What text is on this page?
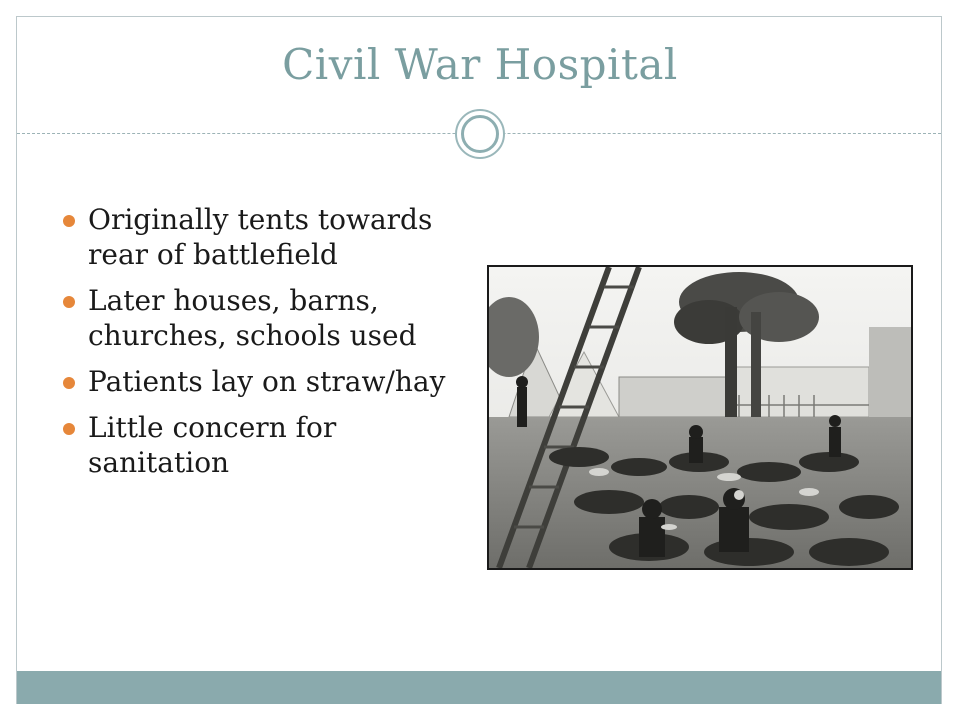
Civil War Hospital
Originally tents towards rear of battlefield
Later houses, barns, churches, schools used
Patients lay on straw/hay
Little concern for sanitation
